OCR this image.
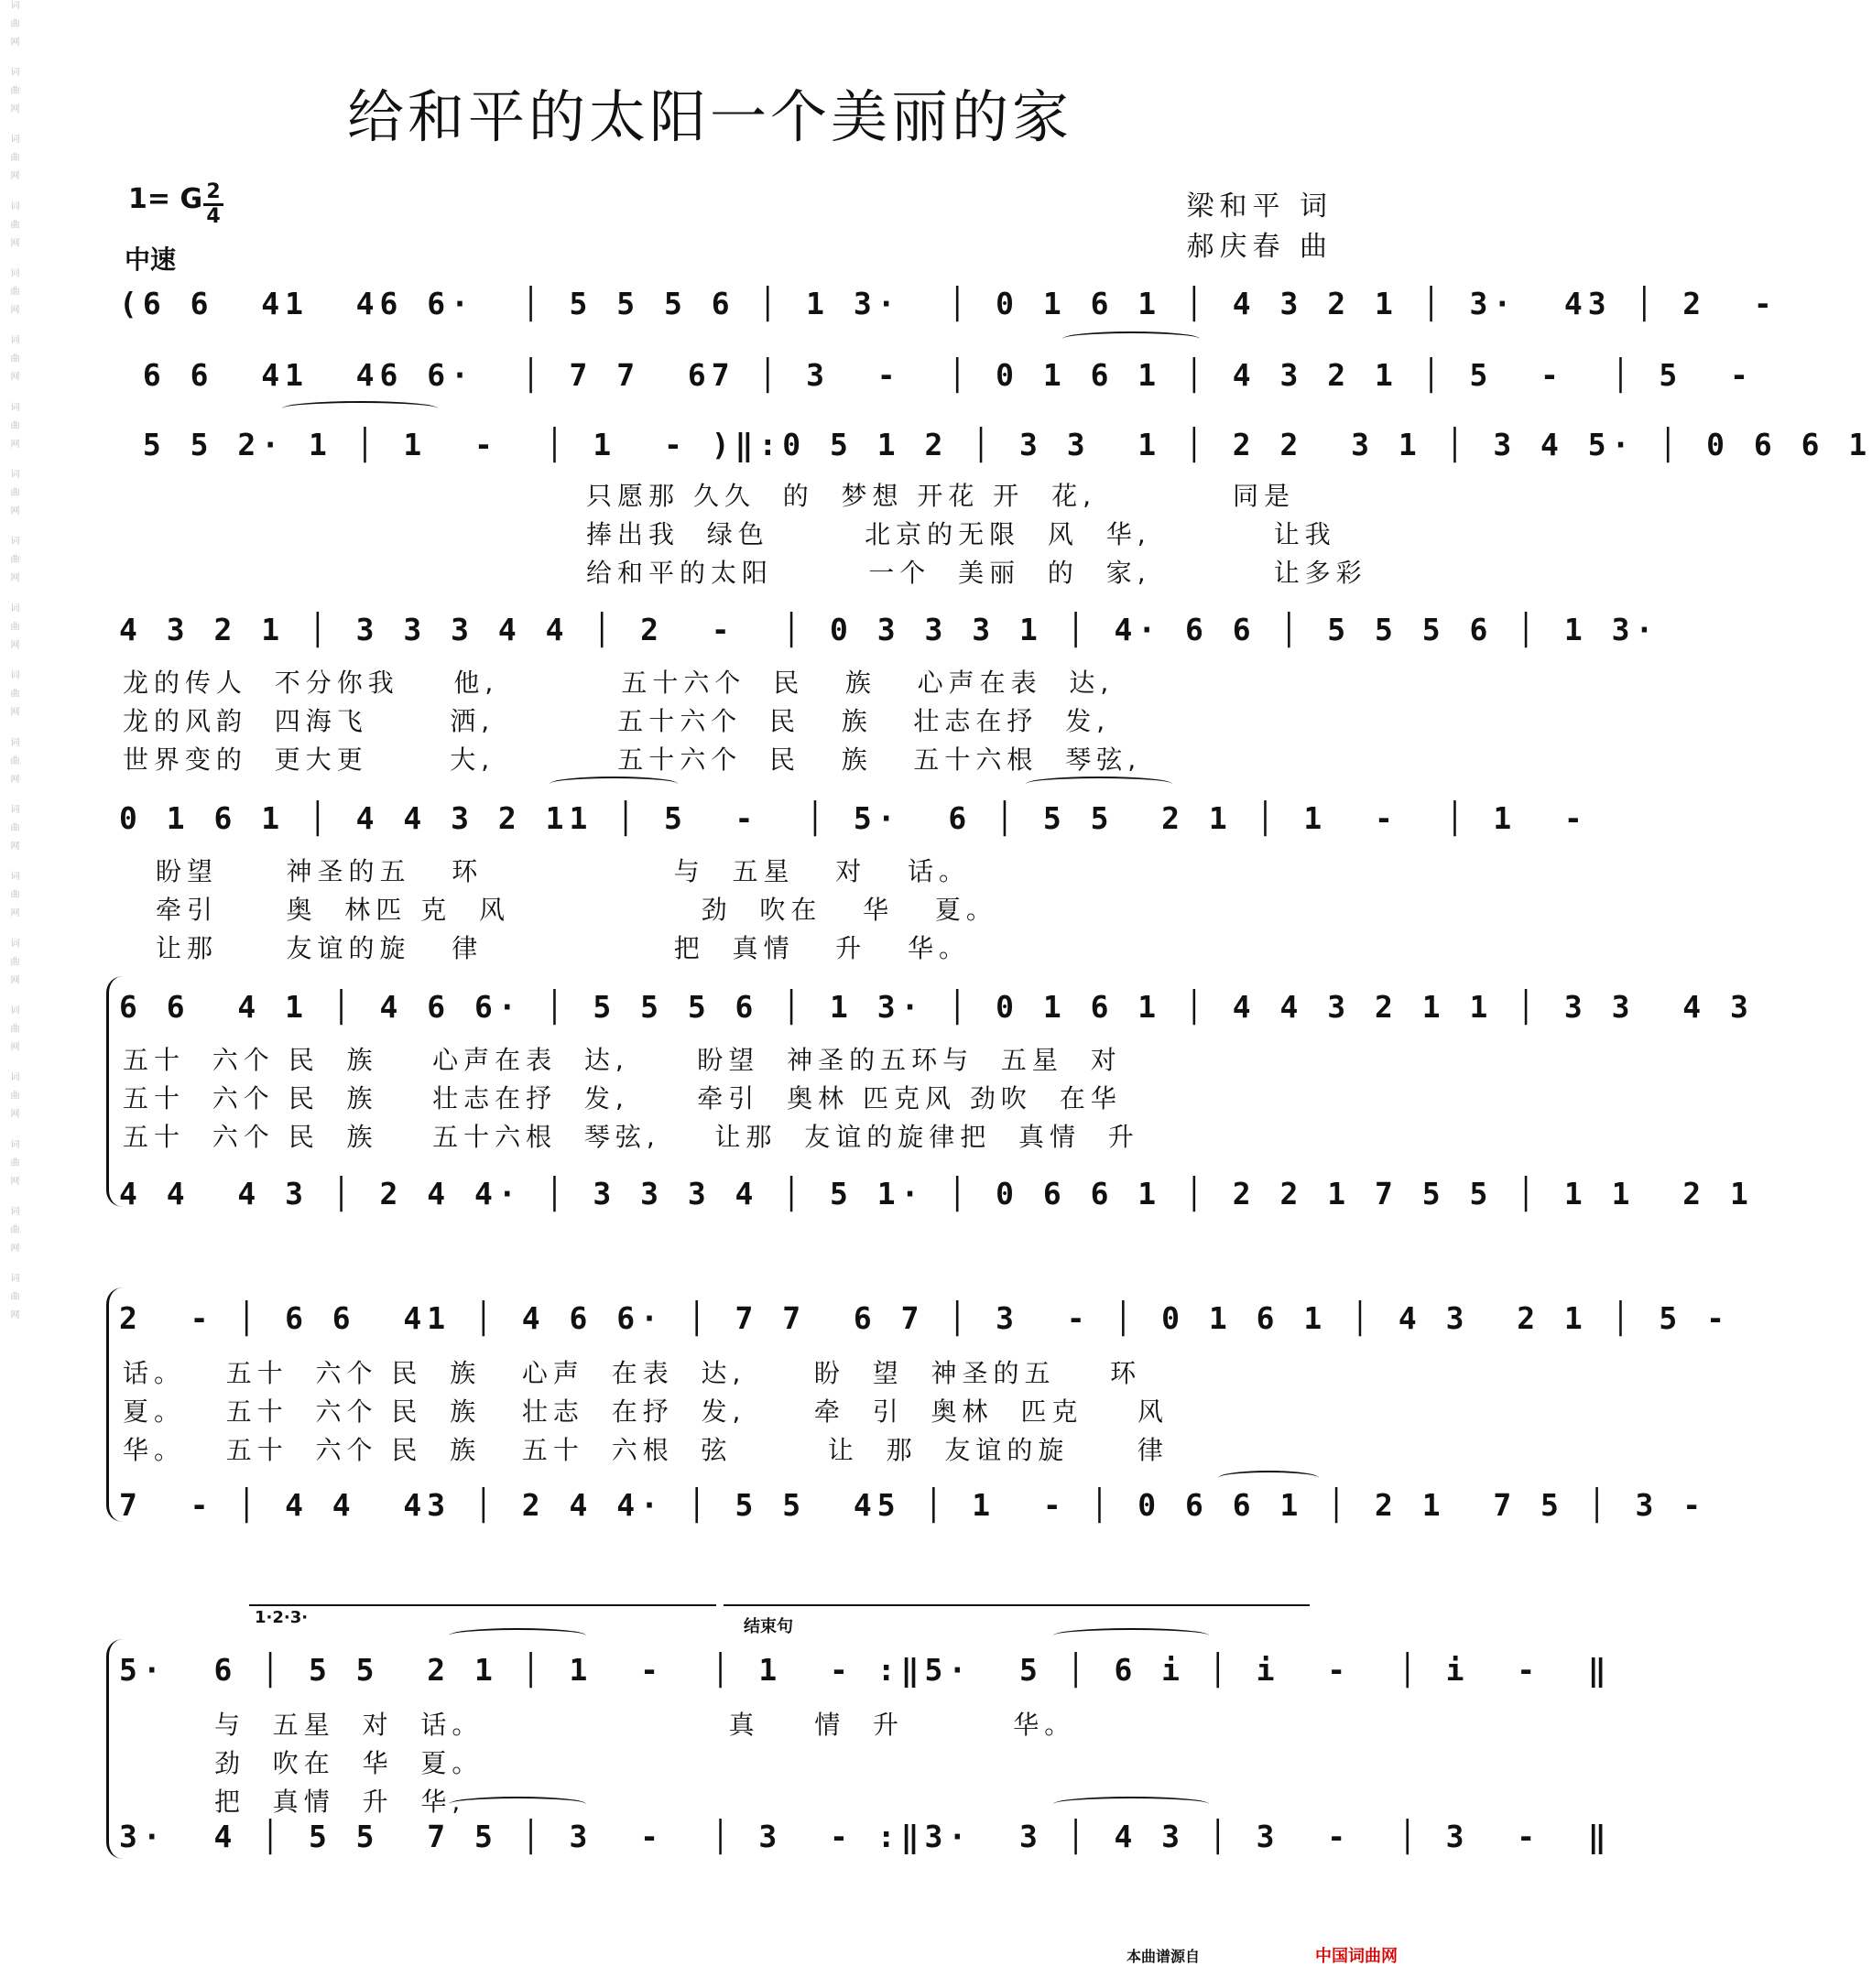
词曲网 词曲网 词曲网 词曲网 词曲网 词曲网 词曲网 词曲网 词曲网 词曲网 词曲网 词曲网 词曲网 词曲网 词曲网 词曲网 词曲网 词曲网 词曲网 词曲网	给和平的太阳一个美丽的家
1= G 2
4
中速
梁和平 词
郝庆春 曲
(6 6  41  46 6·  │ 5 5 5 6 │ 1 3·  │ 0 1 6 1 │ 4 3 2 1 │ 3·  43 │ 2  -
6 6  41  46 6·  │ 7 7  67 │ 3  -  │ 0 1 6 1 │ 4 3 2 1 │ 5  -  │ 5  -
5 5 2· 1 │ 1  -  │ 1  - )‖:0 5 1 2 │ 3 3  1 │ 2 2  3 1 │ 3 4 5· │ 0 6 6 1
只愿那 久久  的  梦想 开花 开  花,          同是
捧出我  绿色       北京的无限  风  华,         让我
给和平的太阳       一个  美丽  的  家,         让多彩
4 3 2 1 │ 3 3 3 4 4 │ 2  -  │ 0 3 3 3 1 │ 4· 6 6 │ 5 5 5 6 │ 1 3·
龙的传人  不分你我    他,         五十六个  民   族   心声在表  达,
龙的风韵  四海飞      洒,         五十六个  民   族   壮志在抒  发,
世界变的  更大更      大,         五十六个  民   族   五十六根  琴弦,
0 1 6 1 │ 4 4 3 2 11 │ 5  -  │ 5·  6 │ 5 5  2 1 │ 1  -  │ 1  -
盼望     神圣的五   环              与  五星   对   话。
牵引     奥  林匹 克  风              劲  吹在   华   夏。
让那     友谊的旋   律              把  真情   升   华。
6 6  4 1 │ 4 6 6· │ 5 5 5 6 │ 1 3· │ 0 1 6 1 │ 4 4 3 2 1 1 │ 3 3  4 3
五十  六个 民  族    心声在表  达,     盼望  神圣的五环与  五星  对
五十  六个 民  族    壮志在抒  发,     牵引  奥林 匹克风 劲吹  在华
五十  六个 民  族    五十六根  琴弦,    让那  友谊的旋律把  真情  升
4 4  4 3 │ 2 4 4· │ 3 3 3 4 │ 5 1· │ 0 6 6 1 │ 2 2 1 7 5 5 │ 1 1  2 1
2  - │ 6 6  41 │ 4 6 6· │ 7 7  6 7 │ 3  - │ 0 1 6 1 │ 4 3  2 1 │ 5 -
话。   五十  六个 民  族   心声  在表  达,     盼  望  神圣的五    环
夏。   五十  六个 民  族   壮志  在抒  发,     牵  引  奥林  匹克    风
华。   五十  六个 民  族   五十  六根  弦       让  那  友谊的旋     律
7  - │ 4 4  43 │ 2 4 4· │ 5 5  45 │ 1  - │ 0 6 6 1 │ 2 1  7 5 │ 3 -
1·2·3·	结束句
5·  6 │ 5 5  2 1 │ 1  -  │ 1  - :‖5·  5 │ 6 i │ i  -  │ i  -  ‖
与  五星  对  话。                  真    情  升        华。
劲  吹在  华  夏。
把  真情  升  华,
3·  4 │ 5 5  7 5 │ 3  -  │ 3  - :‖3·  3 │ 4 3 │ 3  -  │ 3  -  ‖
本曲谱源自	中国词曲网
